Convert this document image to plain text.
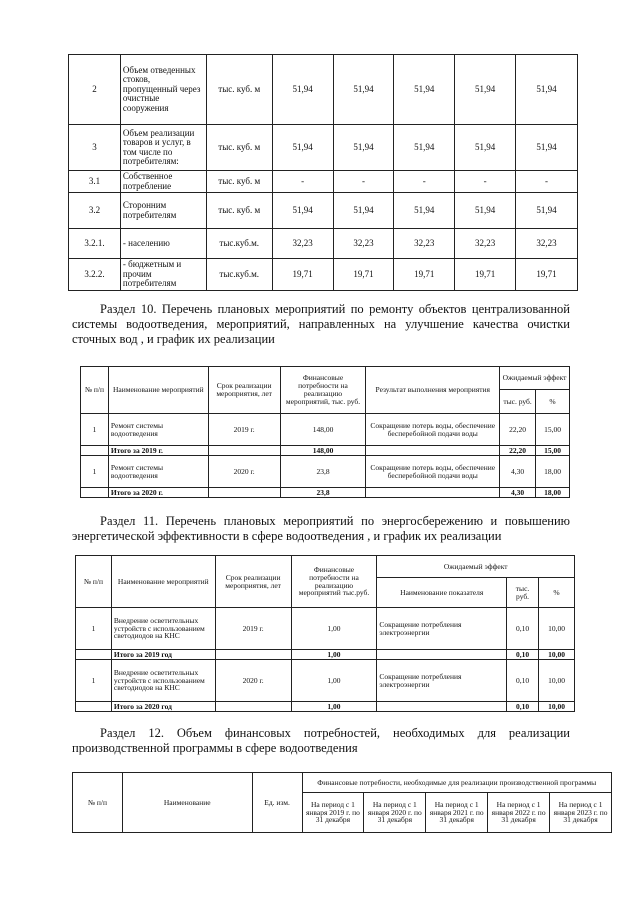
2	Объем отведенных стоков, пропущенный через очистные сооружения	тыс. куб. м	51,94	51,94	51,94	51,94	51,94
3	Объем реализации товаров и услуг, в том числе по потребителям:	тыс. куб. м	51,94	51,94	51,94	51,94	51,94
3.1	Собственное потребление	тыс. куб. м	-	-	-	-	-
3.2	Сторонним потребителям	тыс. куб. м	51,94	51,94	51,94	51,94	51,94
3.2.1.	- населению	тыс.куб.м.	32,23	32,23	32,23	32,23	32,23
3.2.2.	- бюджетным и прочим потребителям	тыс.куб.м.	19,71	19,71	19,71	19,71	19,71
Раздел 10. Перечень плановых мероприятий по ремонту объектов централизованной системы водоотведения, мероприятий, направленных на улучшение качества очистки сточных вод , и график их реализации
№ п/п	Наименование мероприятий	Срок реализации мероприятия, лет	Финансовые потребности на реализацию мероприятий, тыс. руб.	Результат выполнения мероприятия	Ожидаемый эффект	
					тыс. руб.	%
1	Ремонт системы водоотведения	2019 г.	148,00	Сокращение потерь воды, обеспечение бесперебойной подачи воды	22,20	15,00
	Итого за 2019 г.		148,00		22,20	15,00
1	Ремонт системы водоотведения	2020 г.	23,8	Сокращение потерь воды, обеспечение бесперебойной подачи воды	4,30	18,00
	Итого за 2020 г.		23,8		4,30	18,00
Раздел 11. Перечень плановых мероприятий по энергосбережению и повышению энергетической эффективности в сфере водоотведения , и график их реализации
№ п/п	Наименование мероприятий	Срок реализации мероприятия, лет	Финансовые потребности на реализацию мероприятий тыс.руб.	Ожидаемый эффект		
				Наименование показателя	тыс. руб.	%
1	Внедрение осветительных устройств с использованием светодиодов на КНС	2019 г.	1,00	Сокращение потребления электроэнергии	0,10	10,00
	Итого за 2019 год		1,00		0,10	10,00
1	Внедрение осветительных устройств с использованием светодиодов на КНС	2020 г.	1,00	Сокращение потребления электроэнергии	0,10	10,00
	Итого за 2020 год		1,00		0,10	10,00
Раздел 12. Объем финансовых потребностей, необходимых для реализации производственной программы в сфере водоотведения
№ п/п	Наименование	Ед. изм.	Финансовые потребности, необходимые для реализации производственной программы				
			На период с 1 января 2019 г. по 31 декабря	На период с 1 января 2020 г. по 31 декабря	На период с 1 января 2021 г. по 31 декабря	На период с 1 января 2022 г. по 31 декабря	На период с 1 января 2023 г. по 31 декабря
